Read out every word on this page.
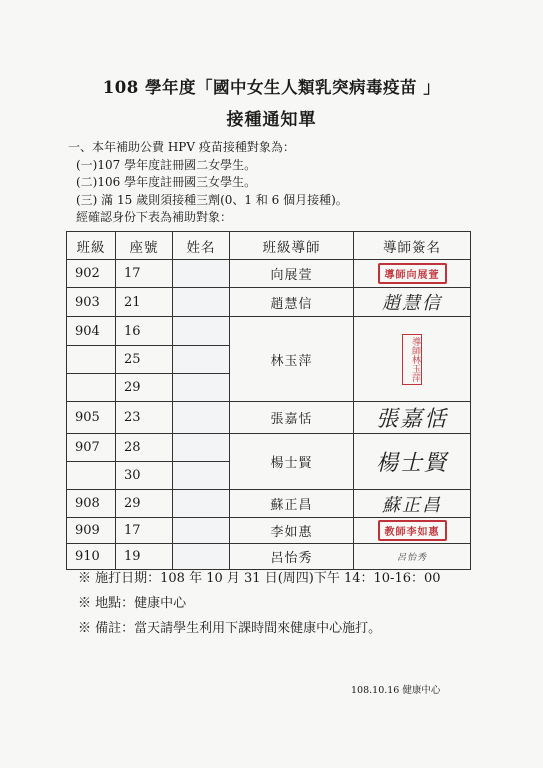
108 學年度「國中女生人類乳突病毒疫苗 」
接種通知單
一、本年補助公費 HPV 疫苗接種對象為：
(一)107 學年度註冊國二女學生。
(二)106 學年度註冊國三女學生。
(三) 滿 15 歲則須接種三劑(0、1 和 6 個月接種)。
經確認身份下表為補助對象：
班級	座號	姓名	班級導師	導師簽名
902	17		向展萱	導師向展萱

903	21		趙慧信	趙慧信

904	16		林玉萍	導師林玉萍

	25			

	29			

905	23		張嘉恬	張嘉恬

907	28		楊士賢	楊士賢

	30			

908	29		蘇正昌	蘇正昌

909	17		李如惠	教師李如惠

910	19		呂怡秀	呂怡秀
※ 施打日期：108 年 10 月 31 日(周四)下午 14：10-16：00
※ 地點：健康中心
※ 備註：當天請學生利用下課時間來健康中心施打。
108.10.16 健康中心
